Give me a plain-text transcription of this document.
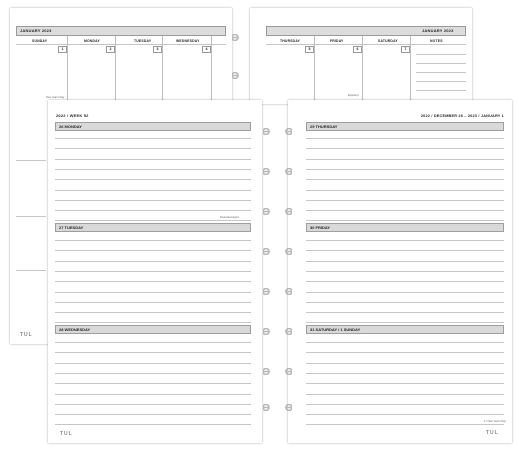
JANUARY 2023
SUNDAY	MONDAY	TUESDAY	WEDNESDAY
1	2	3	4
New Year's Day
TUL
JANUARY 2023
THURSDAY	FRIDAY	SATURDAY	NOTES
5	6	7
Epiphany
2022 / WEEK 52
26 MONDAY
Kwanzaa begins
27 TUESDAY
28 WEDNESDAY
TUL
2022 / DECEMBER 26 – 2023 / JANUARY 1
29 THURSDAY
30 FRIDAY
31 SATURDAY / 1 SUNDAY
1 / New Year's Day
TUL
